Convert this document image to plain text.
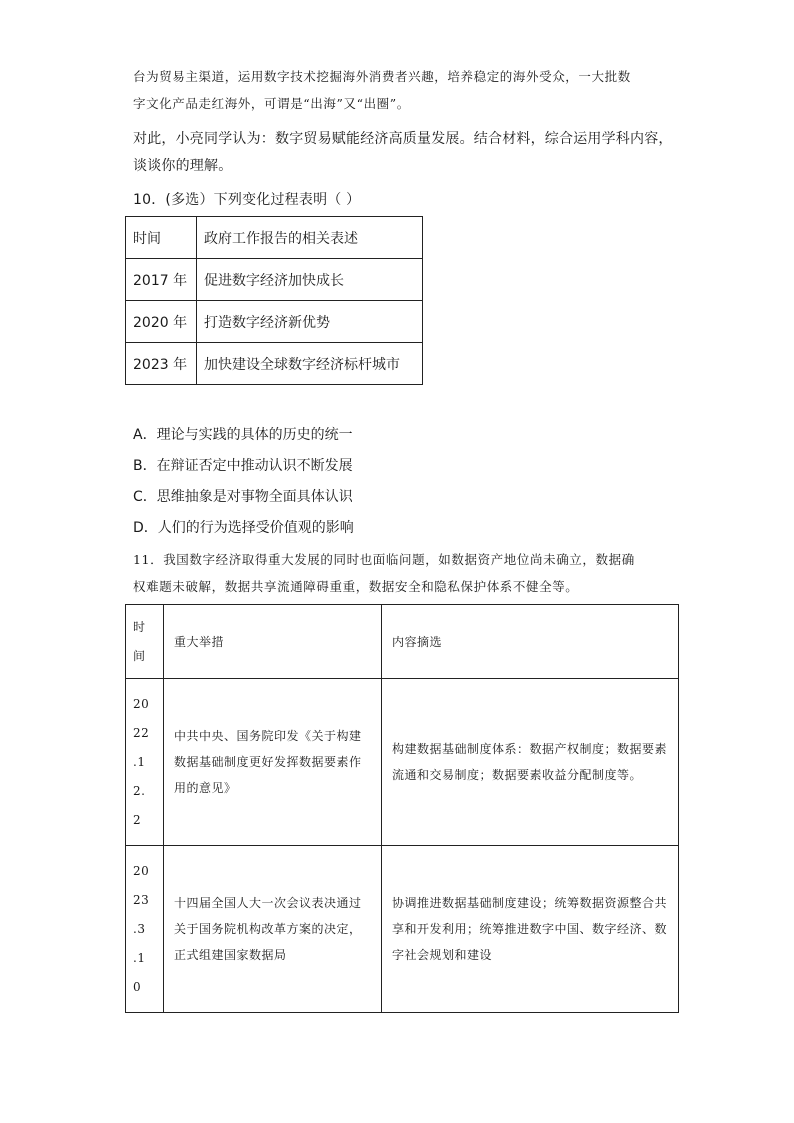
台为贸易主渠道，运用数字技术挖掘海外消费者兴趣，培养稳定的海外受众，一大批数
字文化产品走红海外，可谓是“出海”又“出圈”。
对此，小亮同学认为：数字贸易赋能经济高质量发展。结合材料，综合运用学科内容，
谈谈你的理解。
10．(多选）下列变化过程表明（ ）
时间	政府工作报告的相关表述
2017 年	促进数字经济加快成长
2020 年	打造数字经济新优势
2023 年	加快建设全球数字经济标杆城市
A．理论与实践的具体的历史的统一
B．在辩证否定中推动认识不断发展
C．思维抽象是对事物全面具体认识
D．人们的行为选择受价值观的影响
11．我国数字经济取得重大发展的同时也面临问题，如数据资产地位尚未确立，数据确
权难题未破解，数据共享流通障碍重重，数据安全和隐私保护体系不健全等。
时
间	重大举措	内容摘选

20
22
.1
2.
2	中共中央、国务院印发《关于构建数据基础制度更好发挥数据要素作用的意见》	构建数据基础制度体系：数据产权制度；数据要素流通和交易制度；数据要素收益分配制度等。

20
23
.3
.1
0	十四届全国人大一次会议表决通过关于国务院机构改革方案的决定，正式组建国家数据局	协调推进数据基础制度建设；统筹数据资源整合共享和开发利用；统筹推进数字中国、数字经济、数字社会规划和建设
